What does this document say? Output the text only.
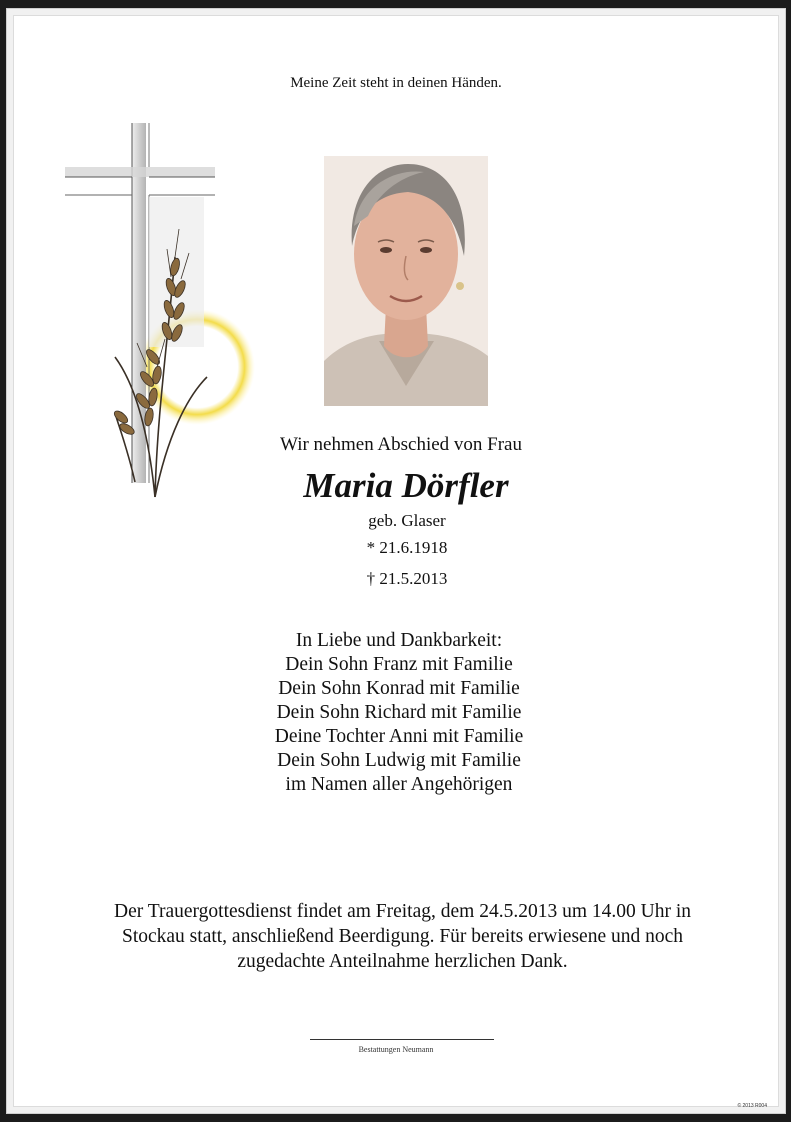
Meine Zeit steht in deinen Händen.
Wir nehmen Abschied von Frau
Maria Dörfler
geb. Glaser
* 21.6.1918
† 21.5.2013
In Liebe und Dankbarkeit:
Dein Sohn Franz mit Familie
Dein Sohn Konrad mit Familie
Dein Sohn Richard mit Familie
Deine Tochter Anni mit Familie
Dein Sohn Ludwig mit Familie
im Namen aller Angehörigen
Der Trauergottesdienst findet am Freitag, dem 24.5.2013 um 14.00 Uhr in
Stockau statt, anschließend Beerdigung. Für bereits erwiesene und noch
zugedachte Anteilnahme herzlichen Dank.
Bestattungen Neumann
© 2013 R004
